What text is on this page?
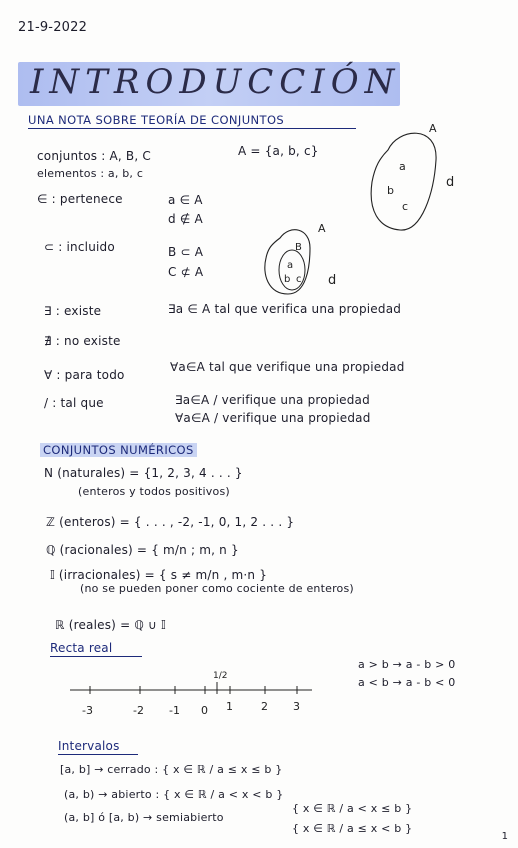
21-9-2022
INTRODUCCIÓN
UNA NOTA SOBRE TEORÍA DE CONJUNTOS
conjuntos : A, B, C
elementos : a, b, c
A = {a, b, c}
∈ : pertenece	a ∈ A
d ∉ A
⊂ : incluido	B ⊂ A
C ⊄ A
A
a
b
c
d
A
B
a
b c d
∃ : existe	∃a ∈ A tal que verifica una propiedad
∄ : no existe
∀ : para todo
∀a∈A tal que verifique una propiedad
/ : tal que	∃a∈A / verifique una propiedad
∀a∈A / verifique una propiedad
CONJUNTOS NUMÉRICOS
N (naturales) = {1, 2, 3, 4 . . . }
(enteros y todos positivos)
ℤ (enteros) = { . . . , -2, -1, 0, 1, 2 . . . }
ℚ (racionales) = { m/n ; m, n }
𝕀 (irracionales) = { s ≠ m/n , m·n }
(no se pueden poner como cociente de enteros)
ℝ (reales) = ℚ ∪ 𝕀
Recta real
1/2
-3	-2 -1 0 1	2 3
a > b → a - b > 0
a < b → a - b < 0
Intervalos
[a, b] → cerrado : { x ∈ ℝ / a ≤ x ≤ b }
(a, b) → abierto : { x ∈ ℝ / a < x < b }
(a, b] ó [a, b) → semiabierto
{ x ∈ ℝ / a < x ≤ b }
{ x ∈ ℝ / a ≤ x < b }
1
